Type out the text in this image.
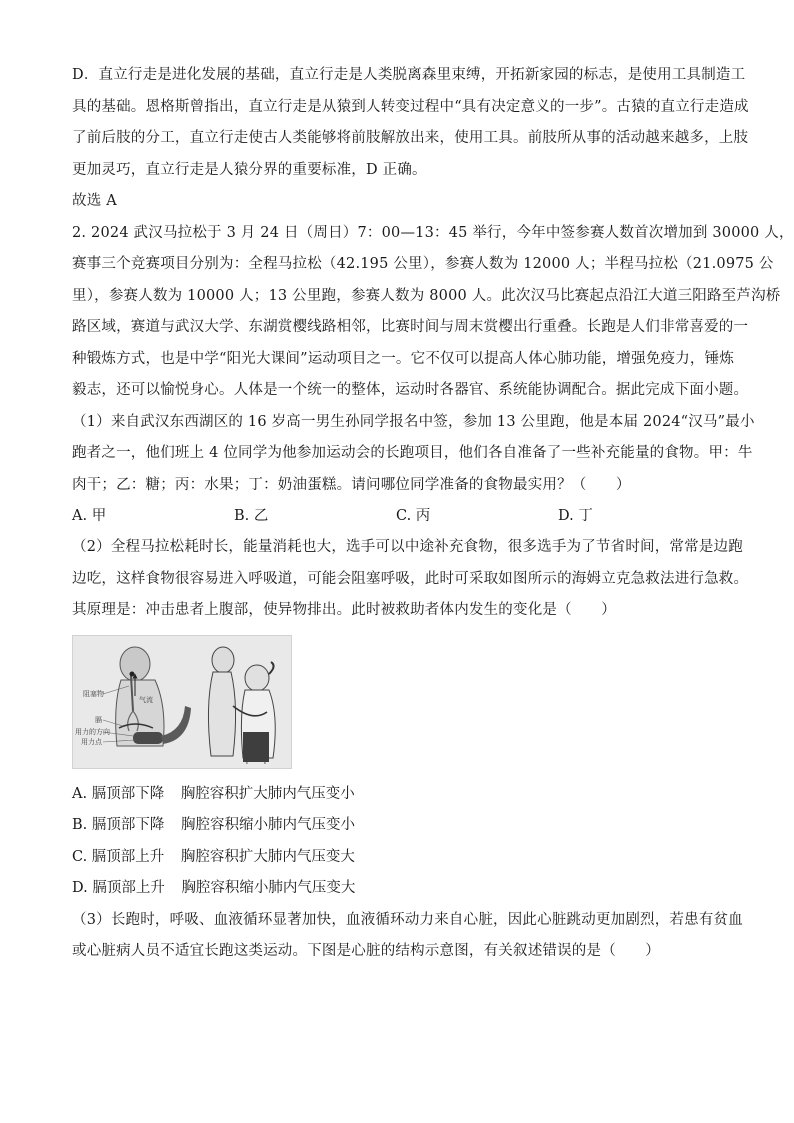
D．直立行走是进化发展的基础，直立行走是人类脱离森里束缚，开拓新家园的标志，是使用工具制造工
具的基础。恩格斯曾指出，直立行走是从猿到人转变过程中“具有决定意义的一步”。古猿的直立行走造成
了前后肢的分工，直立行走使古人类能够将前肢解放出来，使用工具。前肢所从事的活动越来越多，上肢
更加灵巧，直立行走是人猿分界的重要标准，D 正确。
故选 A
2. 2024 武汉马拉松于 3 月 24 日（周日）7：00—13：45 举行，今年中签参赛人数首次增加到 30000 人，
赛事三个竞赛项目分别为：全程马拉松（42.195 公里），参赛人数为 12000 人；半程马拉松（21.0975 公
里），参赛人数为 10000 人；13 公里跑，参赛人数为 8000 人。此次汉马比赛起点沿江大道三阳路至芦沟桥
路区域，赛道与武汉大学、东湖赏樱线路相邻，比赛时间与周末赏樱出行重叠。长跑是人们非常喜爱的一
种锻炼方式，也是中学“阳光大课间”运动项目之一。它不仅可以提高人体心肺功能，增强免疫力，锤炼
毅志，还可以愉悦身心。人体是一个统一的整体，运动时各器官、系统能协调配合。据此完成下面小题。
（1）来自武汉东西湖区的 16 岁高一男生孙同学报名中签，参加 13 公里跑，他是本届 2024“汉马”最小
跑者之一，他们班上 4 位同学为他参加运动会的长跑项目，他们各自准备了一些补充能量的食物。甲：牛
肉干；乙：糖；丙：水果；丁：奶油蛋糕。请问哪位同学准备的食物最实用？（　　）
A. 甲	B. 乙	C. 丙	D. 丁
（2）全程马拉松耗时长，能量消耗也大，选手可以中途补充食物，很多选手为了节省时间，常常是边跑
边吃，这样食物很容易进入呼吸道，可能会阻塞呼吸，此时可采取如图所示的海姆立克急救法进行急救。
其原理是：冲击患者上腹部，使异物排出。此时被救助者体内发生的变化是（　　）
阻塞物
膈
用力的方向
用力点
气流
A. 膈顶部下降 胸腔容积扩大肺内气压变小
B. 膈顶部下降 胸腔容积缩小肺内气压变小
C. 膈顶部上升 胸腔容积扩大肺内气压变大
D. 膈顶部上升 胸腔容积缩小肺内气压变大
（3）长跑时，呼吸、血液循环显著加快，血液循环动力来自心脏，因此心脏跳动更加剧烈，若患有贫血
或心脏病人员不适宜长跑这类运动。下图是心脏的结构示意图，有关叙述错误的是（　　）
